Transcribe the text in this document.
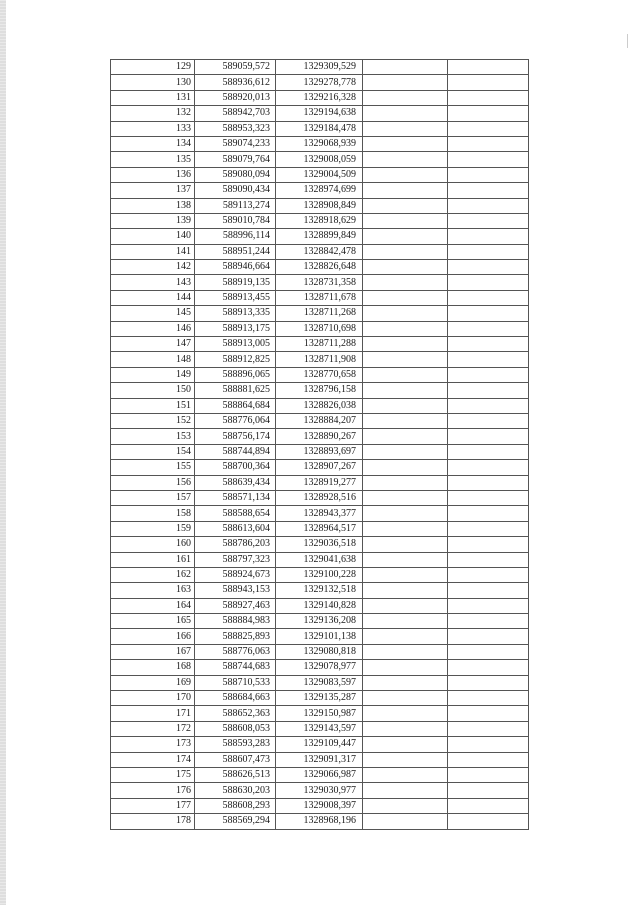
129	589059,572	1329309,529		
130	588936,612	1329278,778		
131	588920,013	1329216,328		
132	588942,703	1329194,638		
133	588953,323	1329184,478		
134	589074,233	1329068,939		
135	589079,764	1329008,059		
136	589080,094	1329004,509		
137	589090,434	1328974,699		
138	589113,274	1328908,849		
139	589010,784	1328918,629		
140	588996,114	1328899,849		
141	588951,244	1328842,478		
142	588946,664	1328826,648		
143	588919,135	1328731,358		
144	588913,455	1328711,678		
145	588913,335	1328711,268		
146	588913,175	1328710,698		
147	588913,005	1328711,288		
148	588912,825	1328711,908		
149	588896,065	1328770,658		
150	588881,625	1328796,158		
151	588864,684	1328826,038		
152	588776,064	1328884,207		
153	588756,174	1328890,267		
154	588744,894	1328893,697		
155	588700,364	1328907,267		
156	588639,434	1328919,277		
157	588571,134	1328928,516		
158	588588,654	1328943,377		
159	588613,604	1328964,517		
160	588786,203	1329036,518		
161	588797,323	1329041,638		
162	588924,673	1329100,228		
163	588943,153	1329132,518		
164	588927,463	1329140,828		
165	588884,983	1329136,208		
166	588825,893	1329101,138		
167	588776,063	1329080,818		
168	588744,683	1329078,977		
169	588710,533	1329083,597		
170	588684,663	1329135,287		
171	588652,363	1329150,987		
172	588608,053	1329143,597		
173	588593,283	1329109,447		
174	588607,473	1329091,317		
175	588626,513	1329066,987		
176	588630,203	1329030,977		
177	588608,293	1329008,397		
178	588569,294	1328968,196		
